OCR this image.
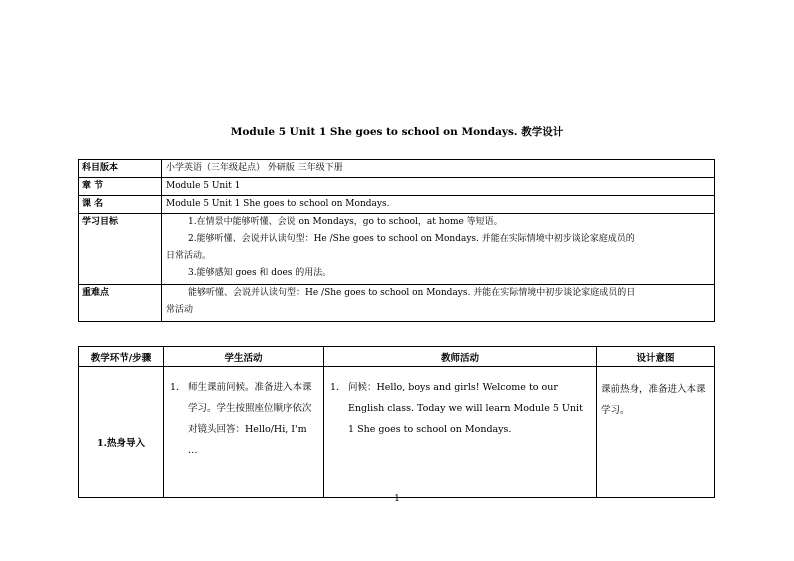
Module 5 Unit 1 She goes to school on Mondays. 教学设计
科目版本	小学英语（三年级起点） 外研版 三年级下册
章 节	Module 5 Unit 1
课 名	Module 5 Unit 1 She goes to school on Mondays.
学习目标	1.在情景中能够听懂、会说 on Mondays，go to school，at home 等短语。
2.能够听懂、会说并认读句型：He /She goes to school on Mondays. 并能在实际情境中初步谈论家庭成员的
日常活动。
3.能够感知 goes 和 does 的用法。

重难点	能够听懂、会说并认读句型：He /She goes to school on Mondays. 并能在实际情境中初步谈论家庭成员的日
常活动
教学环节/步骤	学生活动	教师活动	设计意图
1.热身导入	1. 师生课前问候。准备进入本课学习。学生按照座位顺序依次对镜头回答：Hello/Hi, I'm …	1. 问候：Hello, boys and girls! Welcome to our English class. Today we will learn Module 5 Unit 1 She goes to school on Mondays.	课前热身，准备进入本课学习。
1
